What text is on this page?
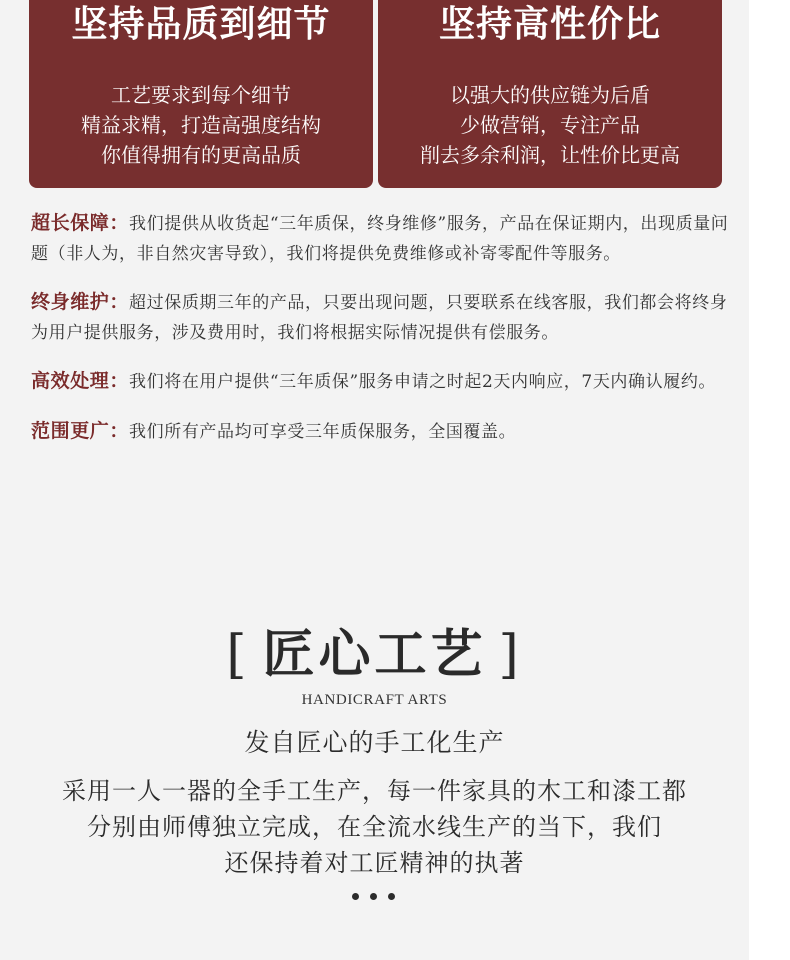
坚持品质到细节
工艺要求到每个细节
精益求精，打造高强度结构
你值得拥有的更高品质
坚持高性价比
以强大的供应链为后盾
少做营销，专注产品
削去多余利润，让性价比更高

超长保障：我们提供从收货起“三年质保，终身维修”服务，产品在保证期内，出现质量问题（非人为，非自然灾害导致），我们将提供免费维修或补寄零配件等服务。

终身维护：超过保质期三年的产品，只要出现问题，只要联系在线客服，我们都会将终身为用户提供服务，涉及费用时，我们将根据实际情况提供有偿服务。

高效处理：我们将在用户提供“三年质保”服务申请之时起2天内响应，7天内确认履约。

范围更广：我们所有产品均可享受三年质保服务，全国覆盖。

[ 匠心工艺 ]
HANDICRAFT ARTS
发自匠心的手工化生产
采用一人一器的全手工生产，每一件家具的木工和漆工都
分别由师傅独立完成，在全流水线生产的当下，我们
还保持着对工匠精神的执著
